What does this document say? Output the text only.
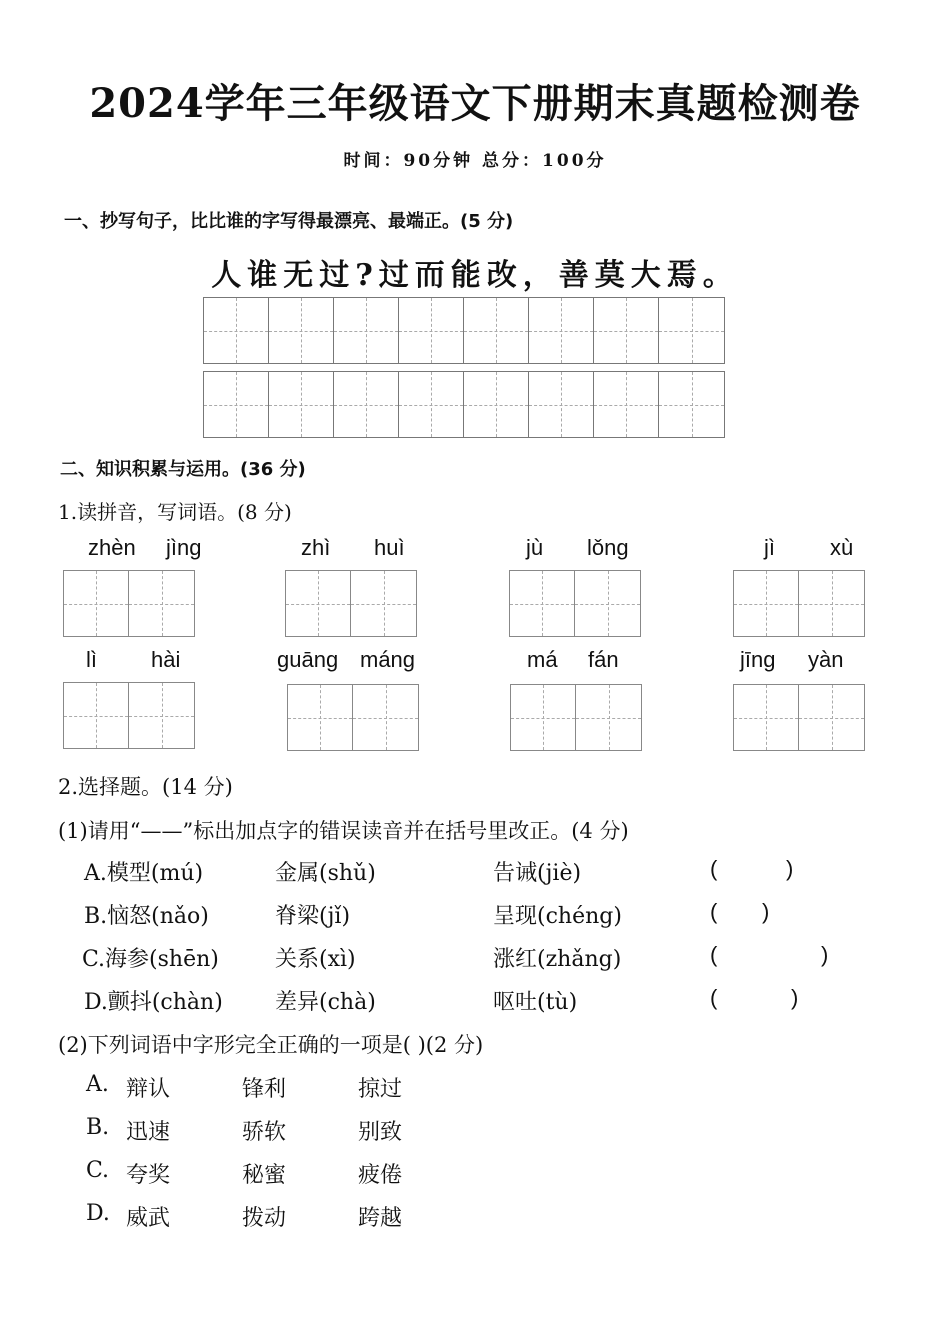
2024学年三年级语文下册期末真题检测卷
时间：90分钟 总分：100分
一、抄写句子，比比谁的字写得最漂亮、最端正。(5 分)
人谁无过?过而能改，善莫大焉。
二、知识积累与运用。(36 分)
1.读拼音，写词语。(8 分)
zhèn jìng	zhì huì	jù lǒng	jì	xù
lì hài	guāng máng	má fán	jīng yàn
2.选择题。(14 分)
(1)请用“——”标出加点字的错误读音并在括号里改正。(4 分)
A.模型(mú)	金属(shǔ)	告诫(jiè)	(	)
B.恼怒(nǎo)	脊梁(jǐ)	呈现(chéng)	( )
C.海参(shēn)	关系(xì)	涨红(zhǎng)	(	)
D.颤抖(chàn) 差异(chà)	呕吐(tù)	(	)
(2)下列词语中字形完全正确的一项是( )(2 分)
A. 辩认	锋利	掠过
B. 迅速	骄软	别致
C. 夸奖	秘蜜	疲倦
D. 威武	拨动	跨越
